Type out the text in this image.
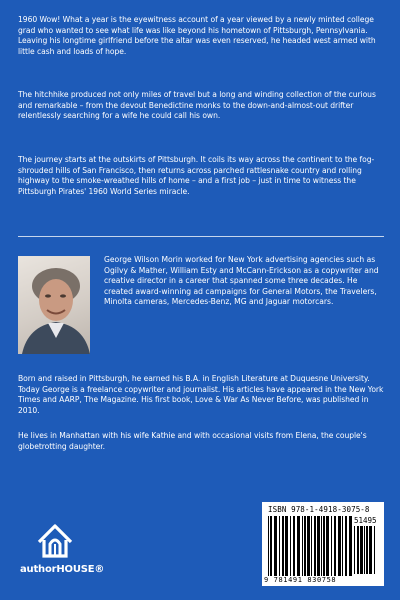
1960 Wow! What a year is the eyewitness account of a year viewed by a newly minted college grad who wanted to see what life was like beyond his hometown of Pittsburgh, Pennsylvania. Leaving his longtime girlfriend before the altar was even reserved, he headed west armed with little cash and loads of hope.

The hitchhike produced not only miles of travel but a long and winding collection of the curious and remarkable – from the devout Benedictine monks to the down-and-almost-out drifter relentlessly searching for a wife he could call his own.

The journey starts at the outskirts of Pittsburgh. It coils its way across the continent to the fog-shrouded hills of San Francisco, then returns across parched rattlesnake country and rolling highway to the smoke-wreathed hills of home – and a first job – just in time to witness the Pittsburgh Pirates' 1960 World Series miracle.

George Wilson Morin worked for New York advertising agencies such as Ogilvy & Mather, William Esty and McCann-Erickson as a copywriter and creative director in a career that spanned some three decades. He created award-winning ad campaigns for General Motors, the Travelers, Minolta cameras, Mercedes-Benz, MG and Jaguar motorcars.

Born and raised in Pittsburgh, he earned his B.A. in English Literature at Duquesne University. Today George is a freelance copywriter and journalist. His articles have appeared in the New York Times and AARP, The Magazine. His first book, Love & War As Never Before, was published in 2010.

He lives in Manhattan with his wife Kathie and with occasional visits from Elena, the couple's globetrotting daughter.

authorHOUSE®
ISBN 978-1-4918-3075-8
51495
9 781491 830758
